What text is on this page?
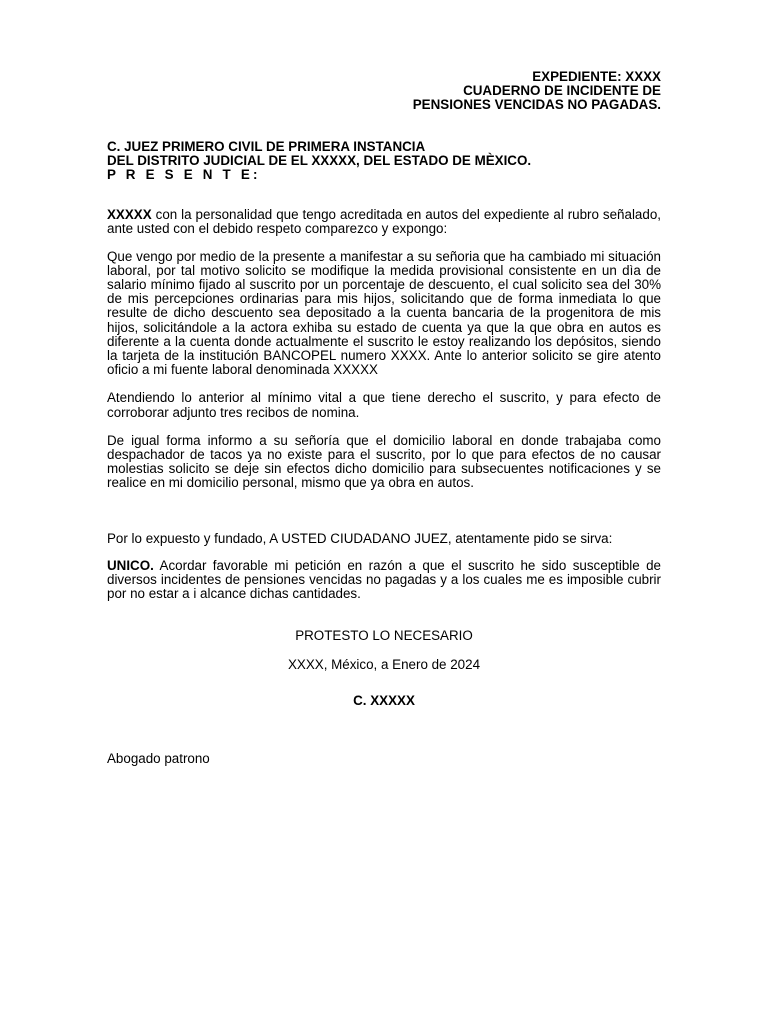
EXPEDIENTE: XXXX
CUADERNO DE INCIDENTE DE
PENSIONES VENCIDAS NO PAGADAS.
C. JUEZ PRIMERO CIVIL DE PRIMERA INSTANCIA
DEL DISTRITO JUDICIAL DE EL XXXXX, DEL ESTADO DE MÈXICO.
P R E S E N T E:

XXXXX con la personalidad que tengo acreditada en autos del expediente al rubro señalado, ante usted con el debido respeto comparezco y expongo:

Que vengo por medio de la presente a manifestar a su señoria que ha cambiado mi situación laboral, por tal motivo solicito se modifique la medida provisional consistente en un dìa de salario mínimo fijado al suscrito por un porcentaje de descuento, el cual solicito sea del 30% de mis percepciones ordinarias para mis hijos, solicitando que de forma inmediata lo que resulte de dicho descuento sea depositado a la cuenta bancaria de la progenitora de mis hijos, solicitándole a la actora exhiba su estado de cuenta ya que la que obra en autos es diferente a la cuenta donde actualmente el suscrito le estoy realizando los depósitos, siendo la tarjeta de la institución BANCOPEL numero XXXX. Ante lo anterior solicito se gire atento oficio a mi fuente laboral denominada XXXXX

Atendiendo lo anterior al mínimo vital a que tiene derecho el suscrito, y para efecto de corroborar adjunto tres recibos de nomina.

De igual forma informo a su señoría que el domicilio laboral en donde trabajaba como despachador de tacos ya no existe para el suscrito, por lo que para efectos de no causar molestias solicito se deje sin efectos dicho domicilio para subsecuentes notificaciones y se realice en mi domicilio personal, mismo que ya obra en autos.

Por lo expuesto y fundado, A USTED CIUDADANO JUEZ, atentamente pido se sirva:

UNICO. Acordar favorable mi petición en razón a que el suscrito he sido susceptible de diversos incidentes de pensiones vencidas no pagadas y a los cuales me es imposible cubrir por no estar a i alcance dichas cantidades.

PROTESTO LO NECESARIO
XXXX, México, a Enero de 2024
C. XXXXX
Abogado patrono
